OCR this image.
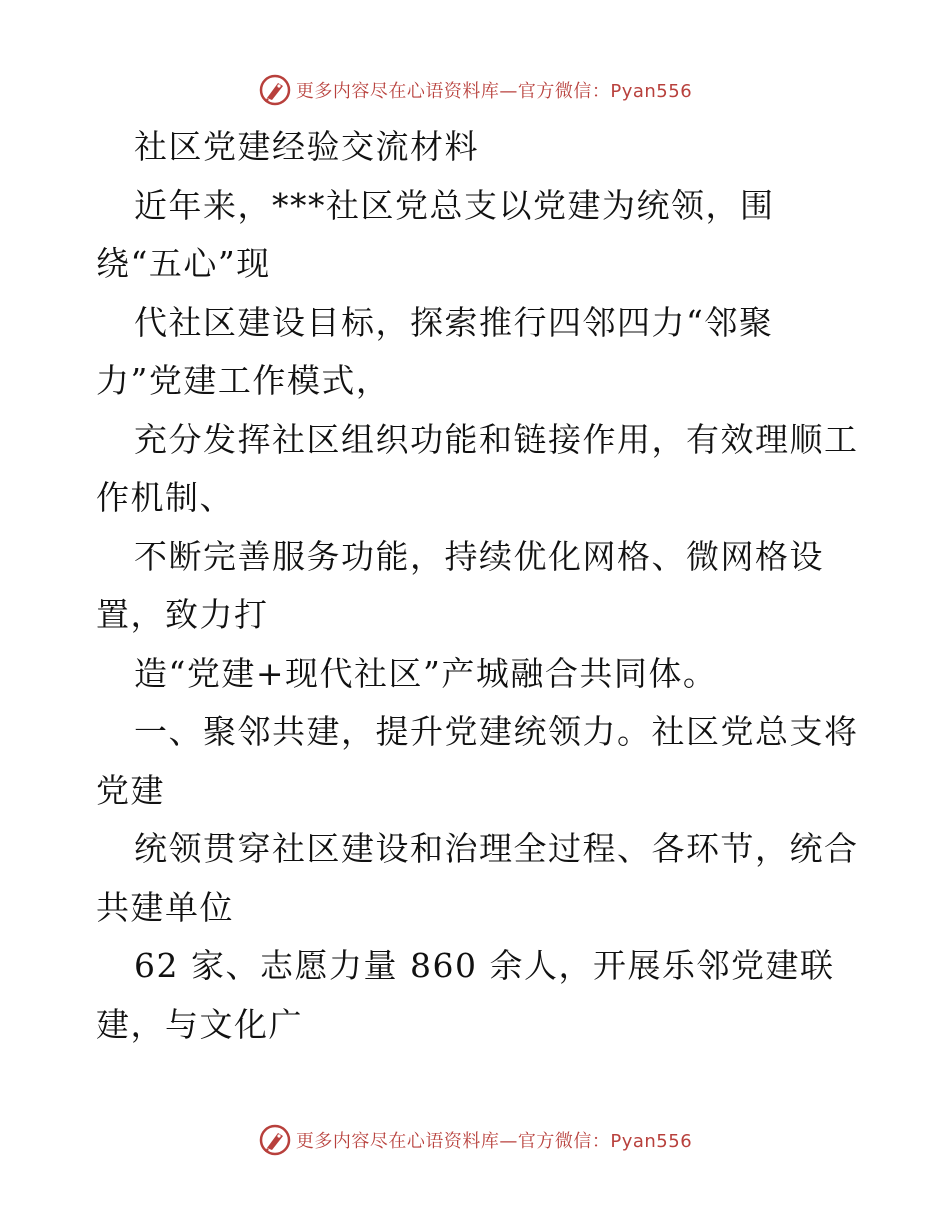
更多内容尽在心语资料库—官方微信：Pyan556
社区党建经验交流材料
近年来，***社区党总支以党建为统领，围
绕“五心”现
代社区建设目标，探索推行四邻四力“邻聚
力”党建工作模式，
充分发挥社区组织功能和链接作用，有效理顺工
作机制、
不断完善服务功能，持续优化网格、微网格设
置，致力打
造“党建+现代社区”产城融合共同体。
一、聚邻共建，提升党建统领力。社区党总支将
党建
统领贯穿社区建设和治理全过程、各环节，统合
共建单位
62 家、志愿力量 860 余人，开展乐邻党建联
建，与文化广
更多内容尽在心语资料库—官方微信：Pyan556
